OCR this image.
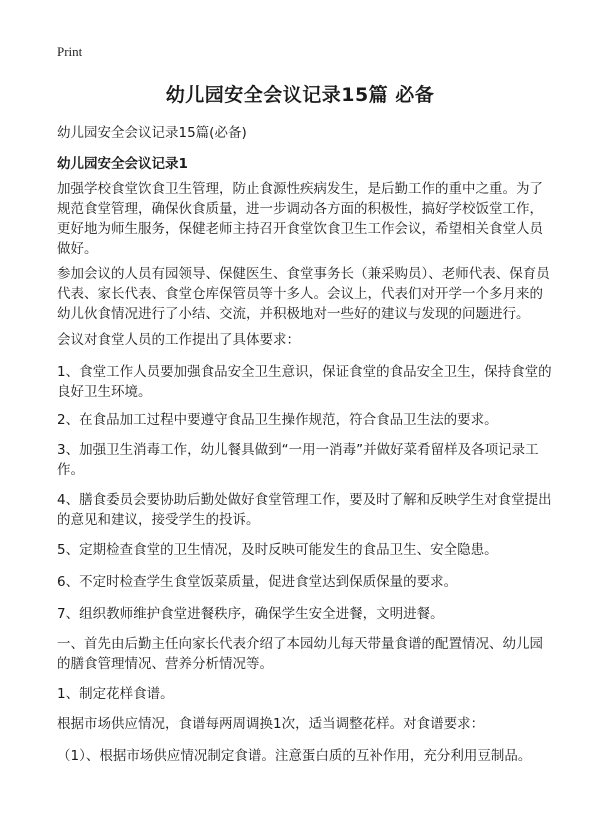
Print
幼儿园安全会议记录15篇 必备
幼儿园安全会议记录15篇(必备)
幼儿园安全会议记录1

加强学校食堂饮食卫生管理，防止食源性疾病发生，是后勤工作的重中之重。为了规范食堂管理，确保伙食质量，进一步调动各方面的积极性，搞好学校饭堂工作，更好地为师生服务，保健老师主持召开食堂饮食卫生工作会议，希望相关食堂人员做好。

参加会议的人员有园领导、保健医生、食堂事务长（兼采购员）、老师代表、保育员代表、家长代表、食堂仓库保管员等十多人。会议上，代表们对开学一个多月来的幼儿伙食情况进行了小结、交流，并积极地对一些好的建议与发现的问题进行。

会议对食堂人员的工作提出了具体要求：

1、食堂工作人员要加强食品安全卫生意识，保证食堂的食品安全卫生，保持食堂的良好卫生环境。

2、在食品加工过程中要遵守食品卫生操作规范，符合食品卫生法的要求。

3、加强卫生消毒工作，幼儿餐具做到“一用一消毒”并做好菜肴留样及各项记录工作。

4、膳食委员会要协助后勤处做好食堂管理工作，要及时了解和反映学生对食堂提出的意见和建议，接受学生的投诉。

5、定期检查食堂的卫生情况，及时反映可能发生的食品卫生、安全隐患。

6、不定时检查学生食堂饭菜质量，促进食堂达到保质保量的要求。

7、组织教师维护食堂进餐秩序，确保学生安全进餐，文明进餐。

一、首先由后勤主任向家长代表介绍了本园幼儿每天带量食谱的配置情况、幼儿园的膳食管理情况、营养分析情况等。

1、制定花样食谱。

根据市场供应情况，食谱每两周调换1次，适当调整花样。对食谱要求：

（1）、根据市场供应情况制定食谱。注意蛋白质的互补作用，充分利用豆制品。
